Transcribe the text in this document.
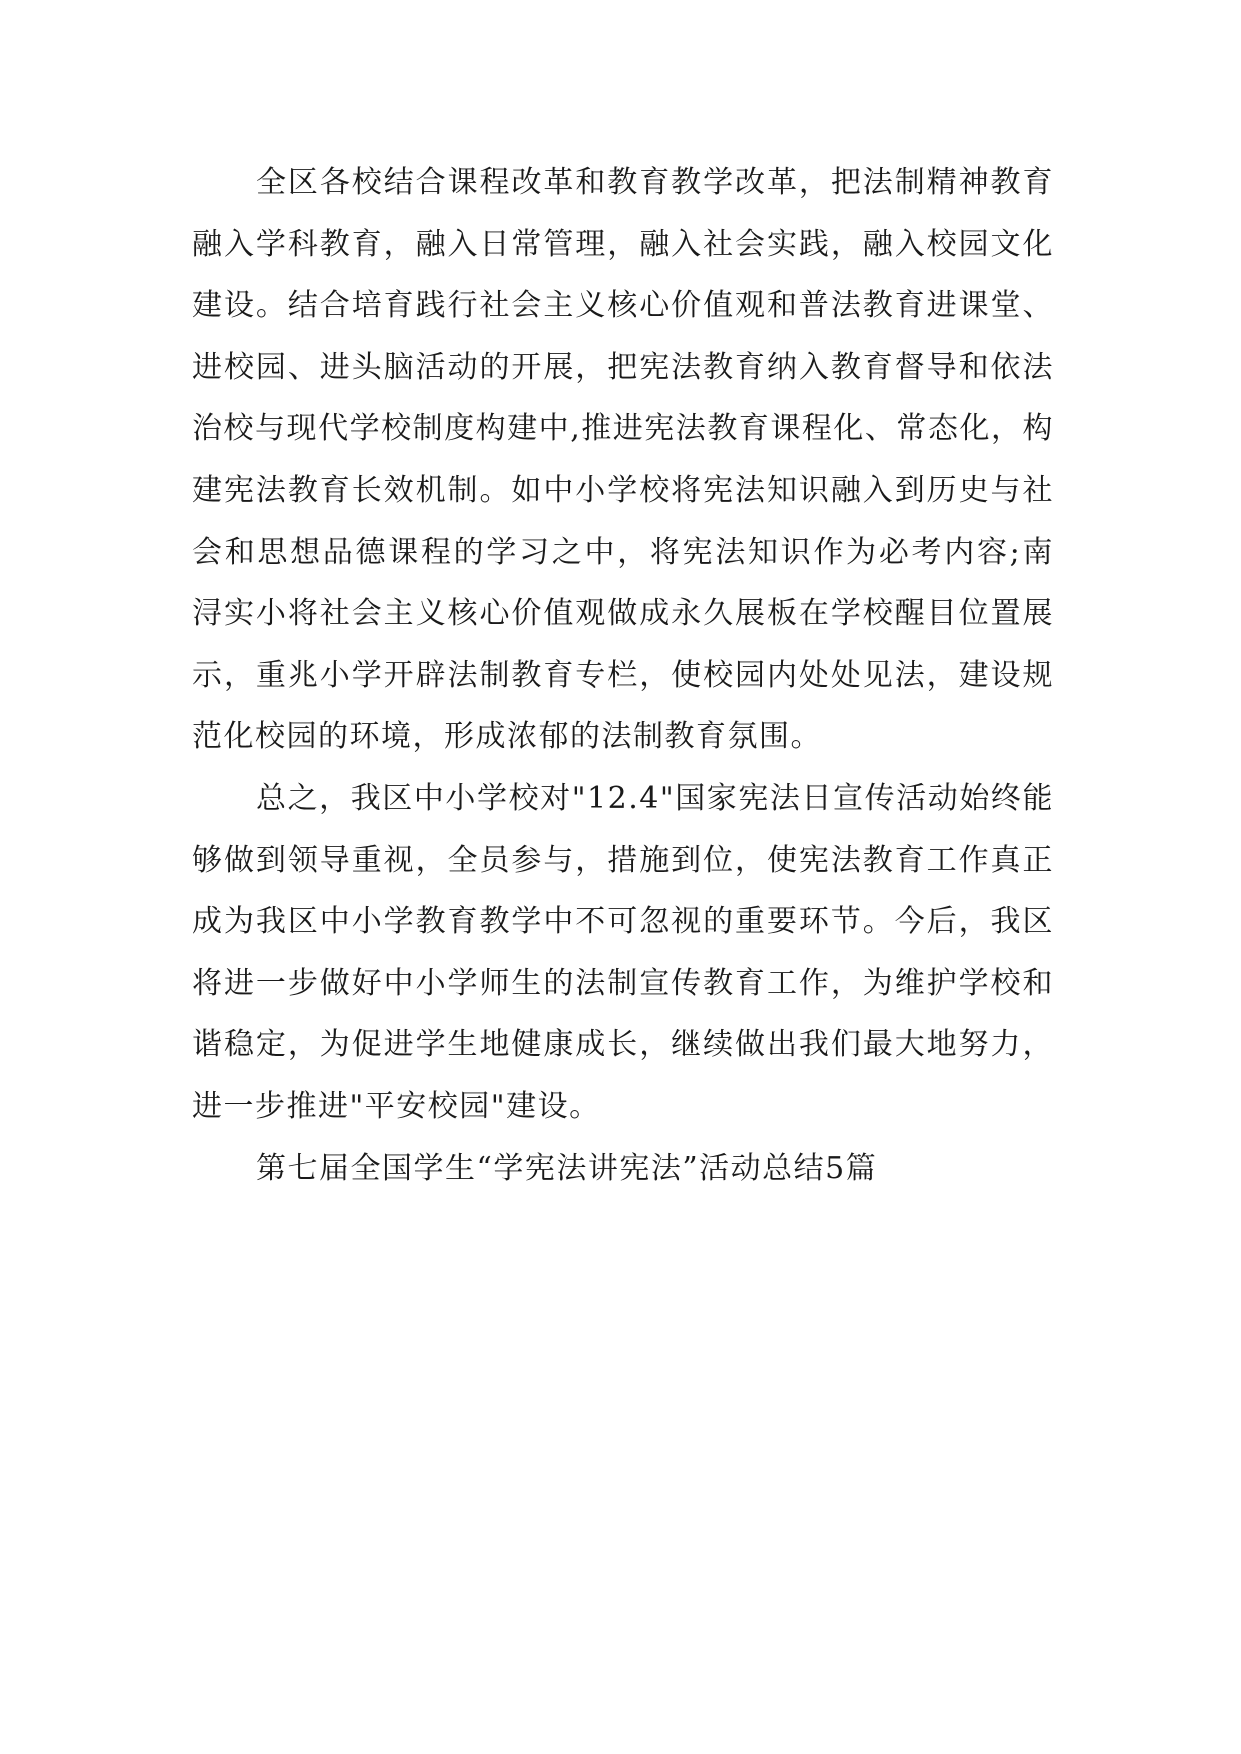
全区各校结合课程改革和教育教学改革，把法制精神教育融入学科教育，融入日常管理，融入社会实践，融入校园文化建设。结合培育践行社会主义核心价值观和普法教育进课堂、进校园、进头脑活动的开展，把宪法教育纳入教育督导和依法治校与现代学校制度构建中,推进宪法教育课程化、常态化，构建宪法教育长效机制。如中小学校将宪法知识融入到历史与社会和思想品德课程的学习之中，将宪法知识作为必考内容;南浔实小将社会主义核心价值观做成永久展板在学校醒目位置展示，重兆小学开辟法制教育专栏，使校园内处处见法，建设规范化校园的环境，形成浓郁的法制教育氛围。

总之，我区中小学校对"12.4"国家宪法日宣传活动始终能够做到领导重视，全员参与，措施到位，使宪法教育工作真正成为我区中小学教育教学中不可忽视的重要环节。今后，我区将进一步做好中小学师生的法制宣传教育工作，为维护学校和谐稳定，为促进学生地健康成长，继续做出我们最大地努力，进一步推进"平安校园"建设。

第七届全国学生“学宪法讲宪法”活动总结5篇
